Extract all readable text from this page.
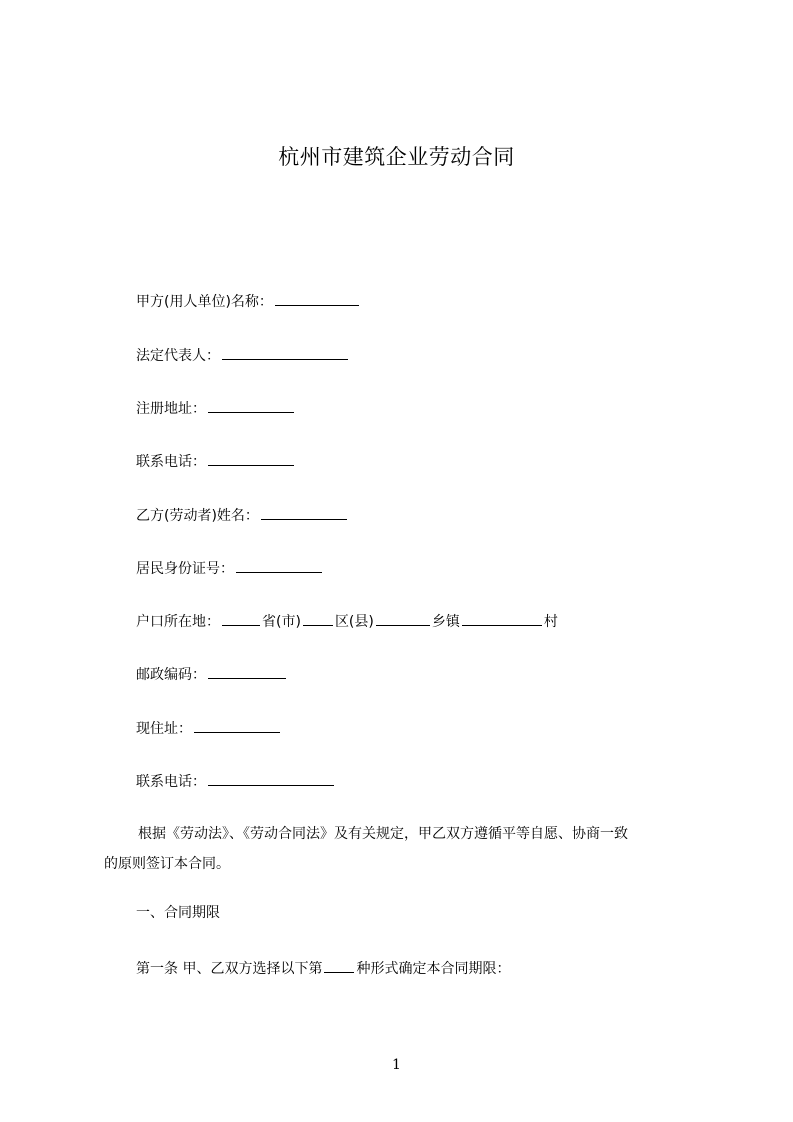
杭州市建筑企业劳动合同
甲方(用人单位)名称：
法定代表人：
注册地址：
联系电话：
乙方(劳动者)姓名：
居民身份证号：
户口所在地：	省(市) 区(县)	乡镇	村
邮政编码：
现住址：
联系电话：
根据《劳动法》、《劳动合同法》及有关规定，甲乙双方遵循平等自愿、协商一致
的原则签订本合同。
一、合同期限
第一条 甲、乙双方选择以下第 种形式确定本合同期限：
1
